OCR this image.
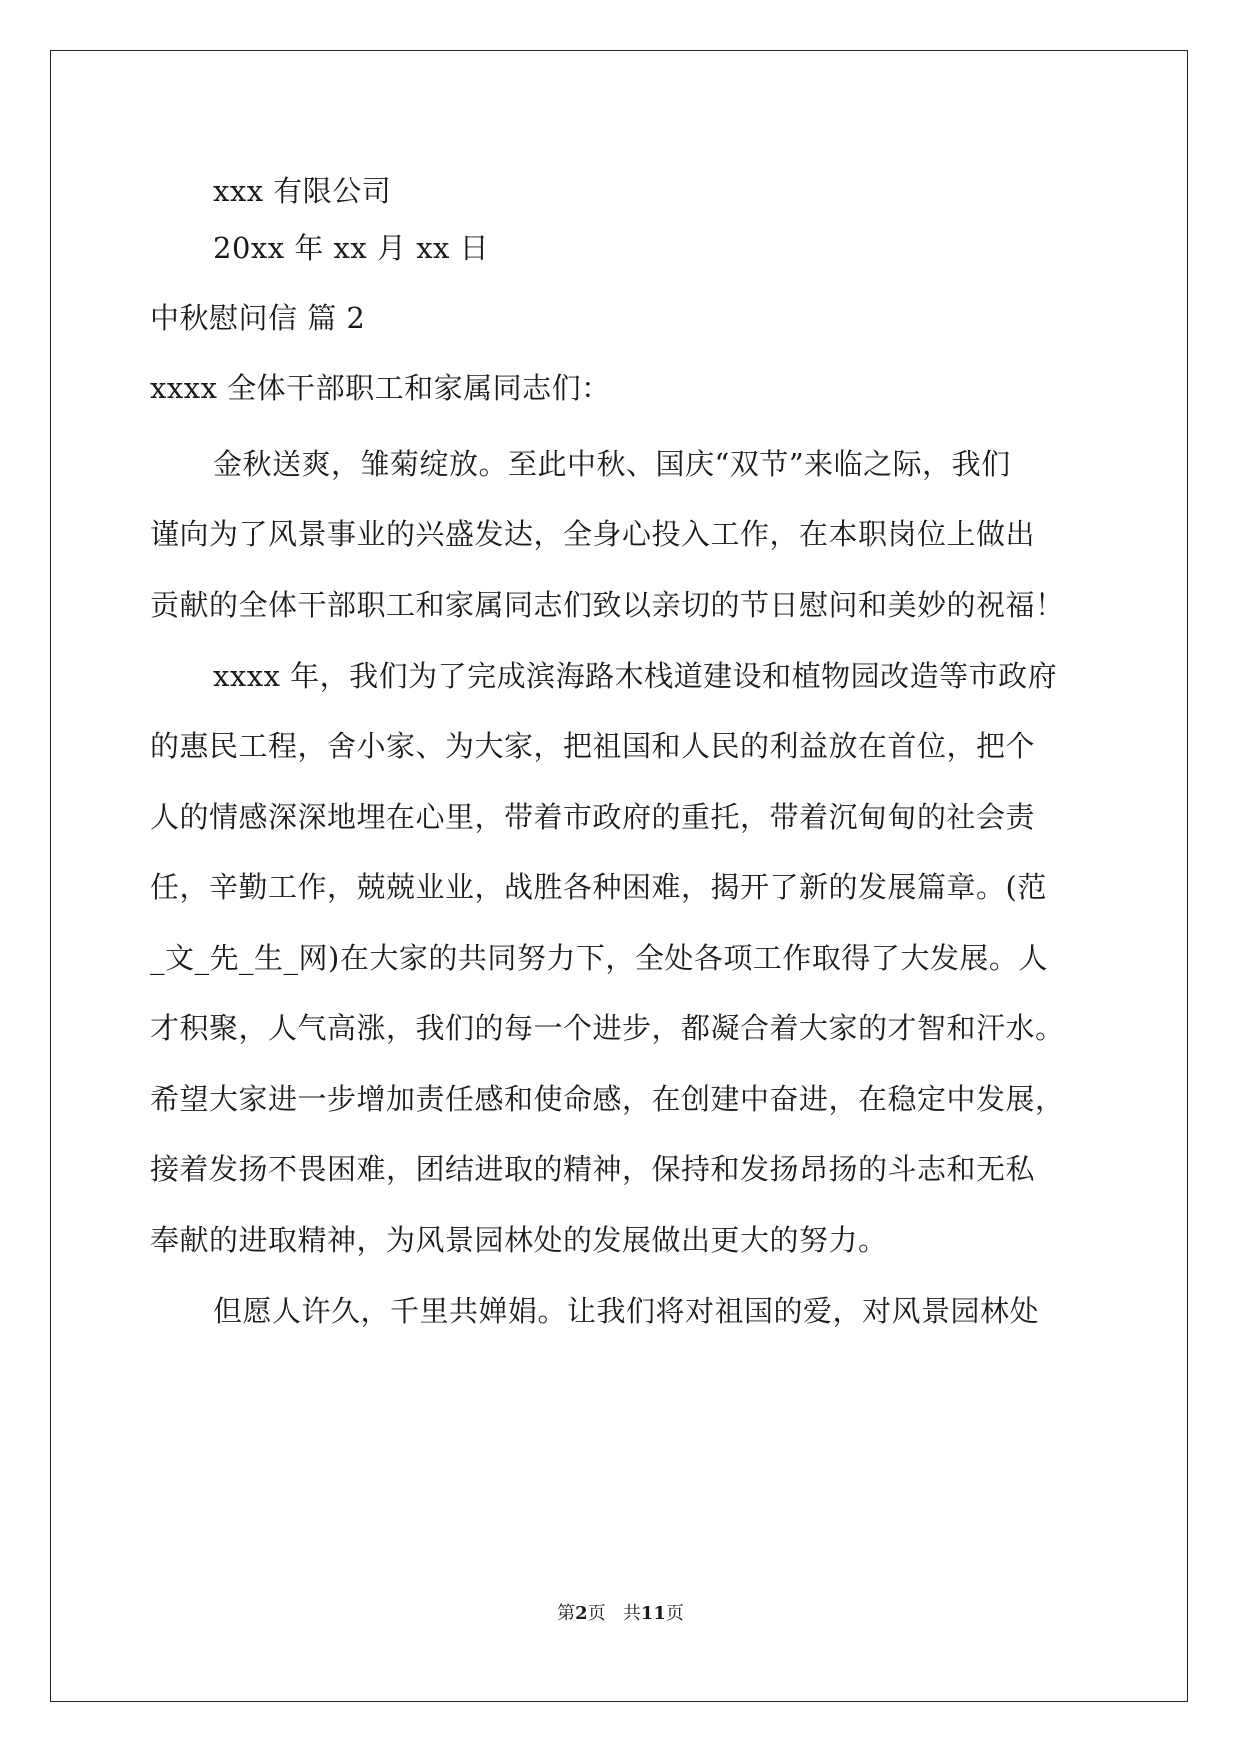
xxx 有限公司
20xx 年 xx 月 xx 日
中秋慰问信 篇 2
xxxx 全体干部职工和家属同志们：
金秋送爽，雏菊绽放。至此中秋、国庆“双节”来临之际，我们
谨向为了风景事业的兴盛发达，全身心投入工作，在本职岗位上做出
贡献的全体干部职工和家属同志们致以亲切的节日慰问和美妙的祝福！
xxxx 年，我们为了完成滨海路木栈道建设和植物园改造等市政府
的惠民工程，舍小家、为大家，把祖国和人民的利益放在首位，把个
人的情感深深地埋在心里，带着市政府的重托，带着沉甸甸的社会责
任，辛勤工作，兢兢业业，战胜各种困难，揭开了新的发展篇章。(范
_文_先_生_网)在大家的共同努力下，全处各项工作取得了大发展。人
才积聚，人气高涨，我们的每一个进步，都凝合着大家的才智和汗水。
希望大家进一步增加责任感和使命感，在创建中奋进，在稳定中发展，
接着发扬不畏困难，团结进取的精神，保持和发扬昂扬的斗志和无私
奉献的进取精神，为风景园林处的发展做出更大的努力。
但愿人许久，千里共婵娟。让我们将对祖国的爱，对风景园林处
第2页 共11页
